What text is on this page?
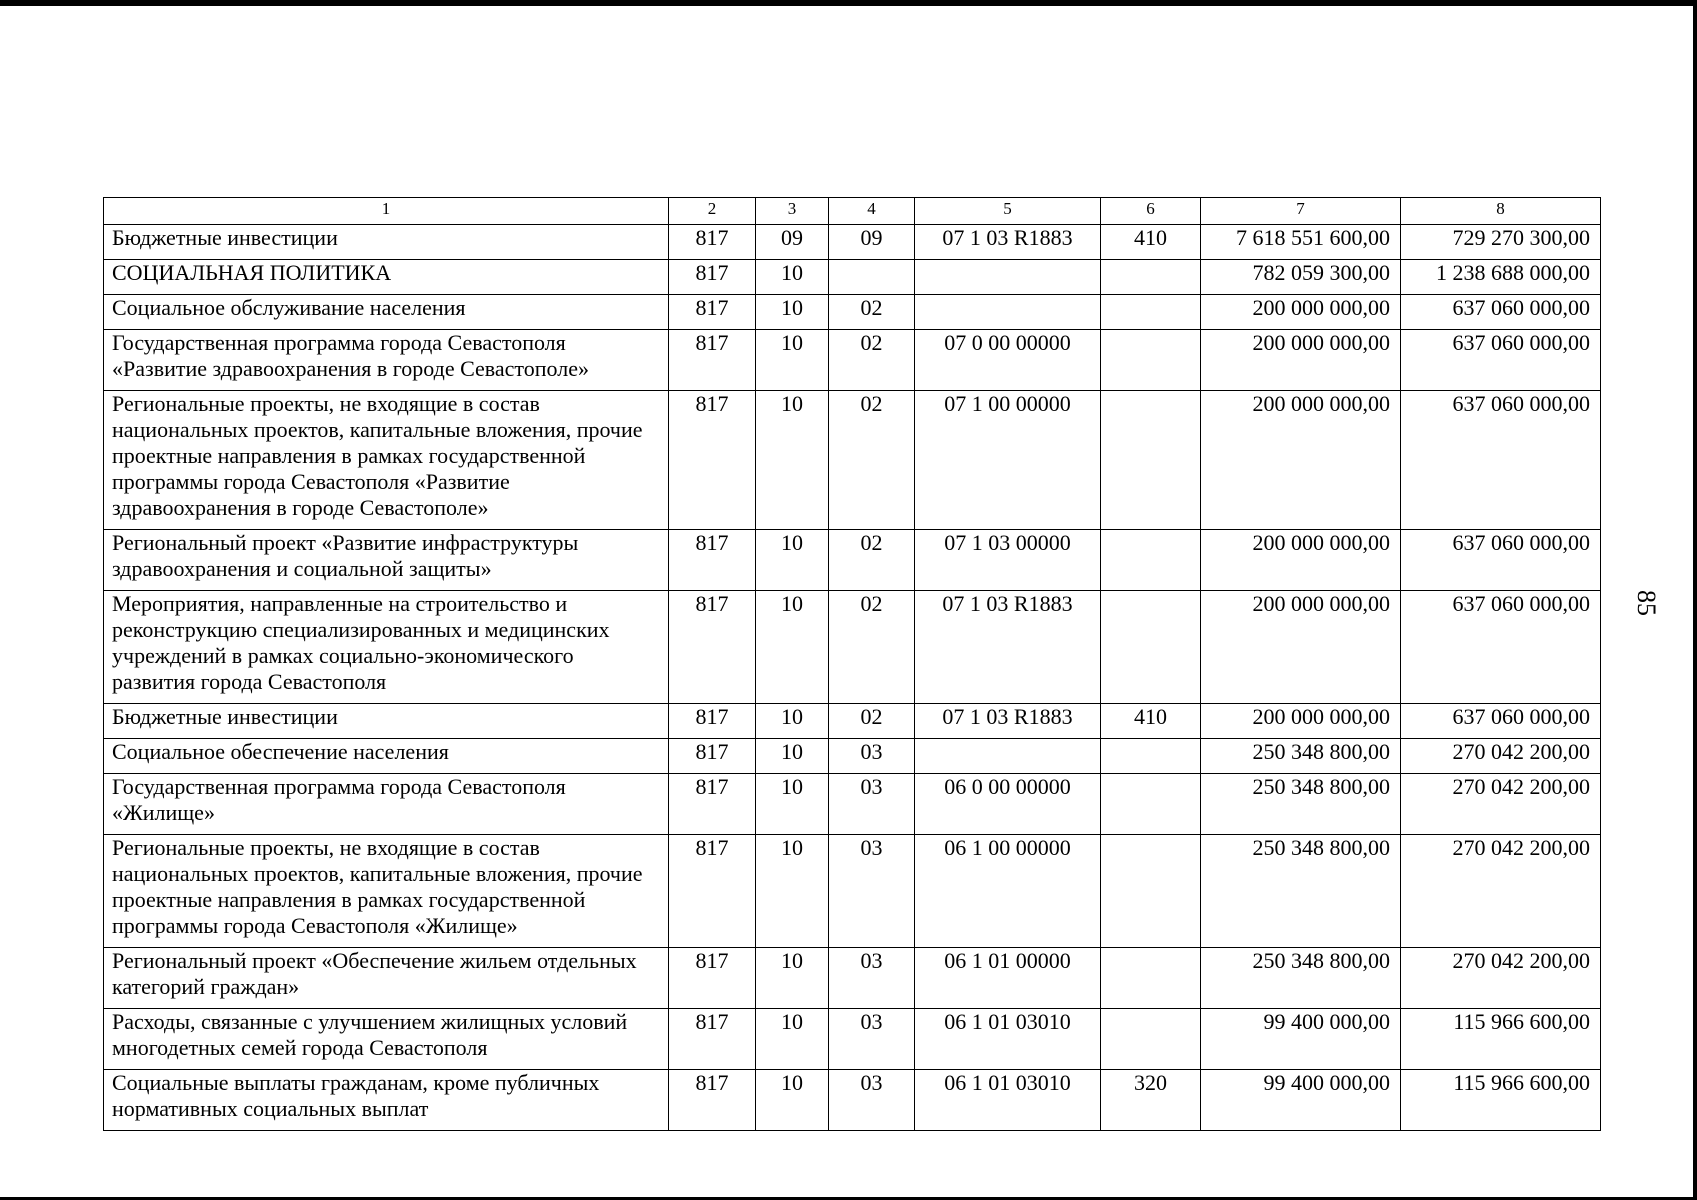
85
1	2	3	4	5	6	7	8
Бюджетные инвестиции	817	09	09	07 1 03 R1883	410	7 618 551 600,00	729 270 300,00
СОЦИАЛЬНАЯ ПОЛИТИКА	817	10				782 059 300,00	1 238 688 000,00
Социальное обслуживание населения	817	10	02			200 000 000,00	637 060 000,00
Государственная программа города Севастополя «Развитие здравоохранения в городе Севастополе»	817	10	02	07 0 00 00000		200 000 000,00	637 060 000,00
Региональные проекты, не входящие в состав национальных проектов, капитальные вложения, прочие проектные направления в рамках государственной программы города Севастополя «Развитие здравоохранения в городе Севастополе»	817	10	02	07 1 00 00000		200 000 000,00	637 060 000,00
Региональный проект «Развитие инфраструктуры здравоохранения и социальной защиты»	817	10	02	07 1 03 00000		200 000 000,00	637 060 000,00
Мероприятия, направленные на строительство и реконструкцию специализированных и медицинских учреждений в рамках социально-экономического развития города Севастополя	817	10	02	07 1 03 R1883		200 000 000,00	637 060 000,00
Бюджетные инвестиции	817	10	02	07 1 03 R1883	410	200 000 000,00	637 060 000,00
Социальное обеспечение населения	817	10	03			250 348 800,00	270 042 200,00
Государственная программа города Севастополя «Жилище»	817	10	03	06 0 00 00000		250 348 800,00	270 042 200,00
Региональные проекты, не входящие в состав национальных проектов, капитальные вложения, прочие проектные направления в рамках государственной программы города Севастополя «Жилище»	817	10	03	06 1 00 00000		250 348 800,00	270 042 200,00
Региональный проект «Обеспечение жильем отдельных категорий граждан»	817	10	03	06 1 01 00000		250 348 800,00	270 042 200,00
Расходы, связанные с улучшением жилищных условий многодетных семей города Севастополя	817	10	03	06 1 01 03010		99 400 000,00	115 966 600,00
Социальные выплаты гражданам, кроме публичных нормативных социальных выплат	817	10	03	06 1 01 03010	320	99 400 000,00	115 966 600,00
